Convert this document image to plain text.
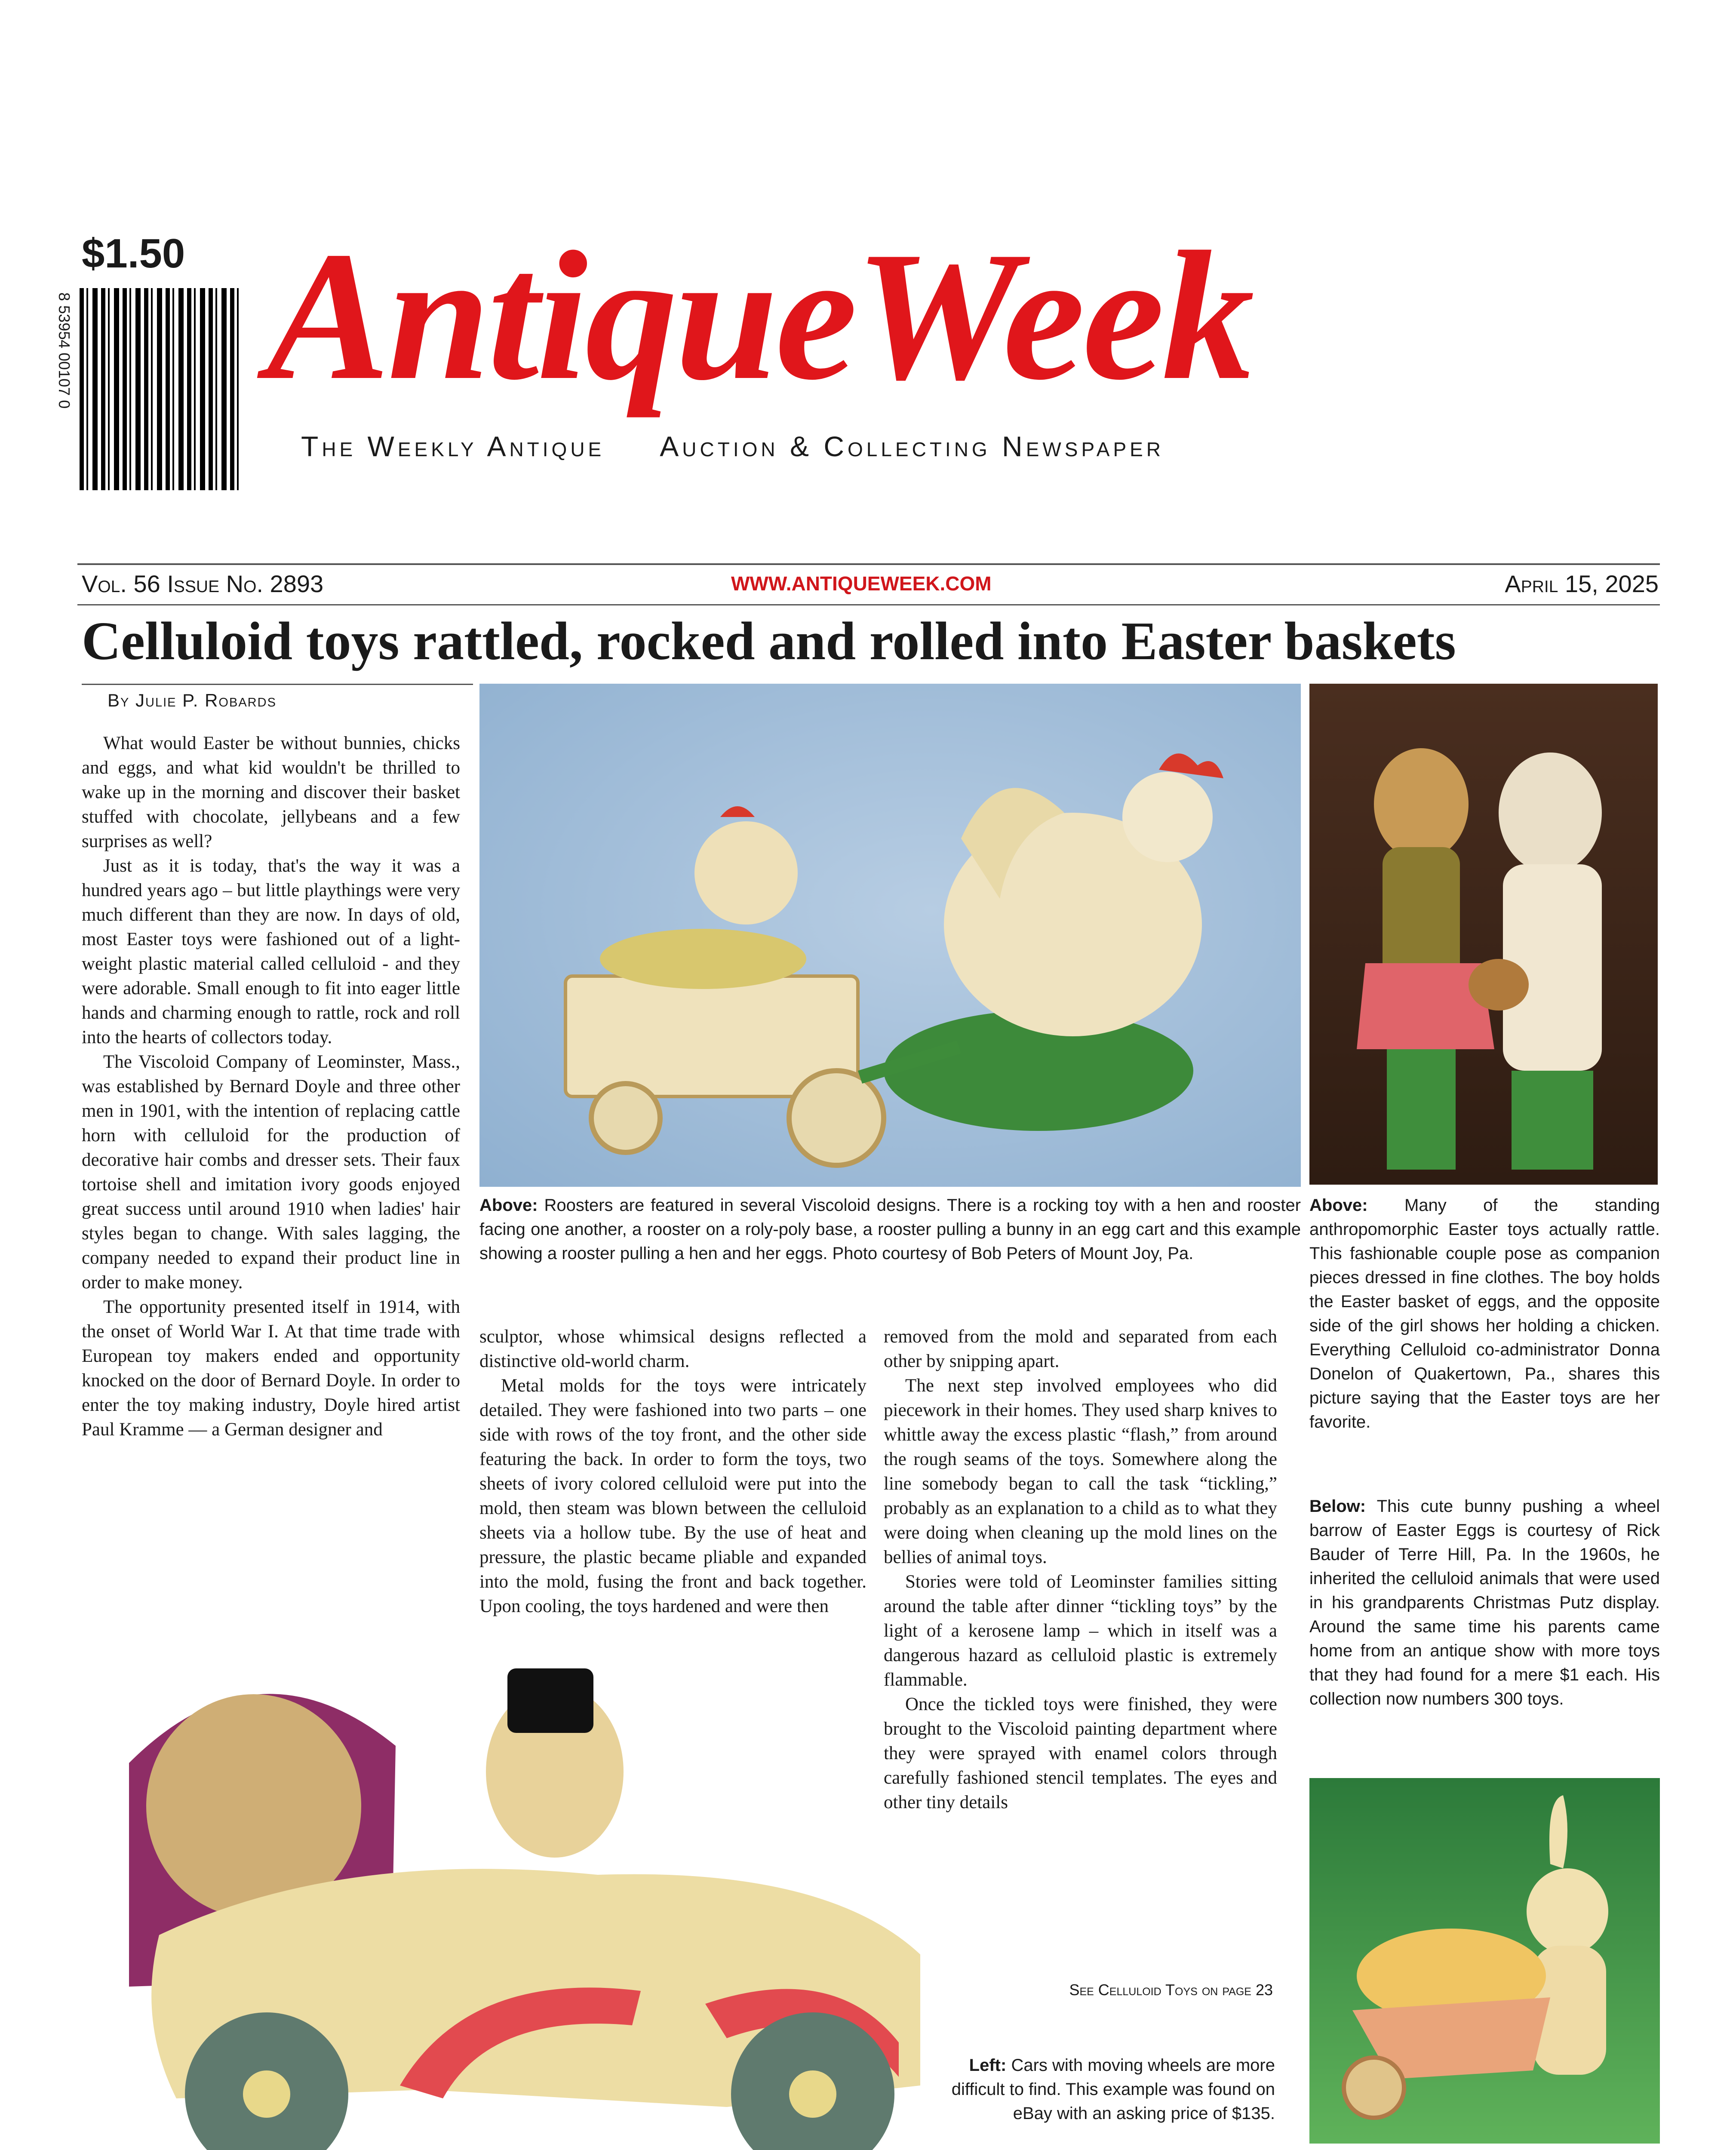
$1.50
8 53954 00107 0 AntiqueWeek
The Weekly Antique     Auction & Collecting Newspaper
Vol. 56 Issue No. 2893	WWW.ANTIQUEWEEK.COM	April 15, 2025
Celluloid toys rattled, rocked and rolled into Easter baskets
By Julie P. Robards

What would Easter be without bunnies, chicks and eggs, and what kid wouldn't be thrilled to wake up in the morning and discover their basket stuffed with chocolate, jellybeans and a few surprises as well?

Just as it is today, that's the way it was a hundred years ago – but little playthings were very much different than they are now. In days of old, most Easter toys were fashioned out of a light-weight plastic material called celluloid - and they were adorable. Small enough to fit into eager little hands and charming enough to rattle, rock and roll into the hearts of collectors today.

The Viscoloid Company of Leominster, Mass., was established by Bernard Doyle and three other men in 1901, with the intention of replacing cattle horn with celluloid for the production of decorative hair combs and dresser sets. Their faux tortoise shell and imitation ivory goods enjoyed great success until around 1910 when ladies' hair styles began to change. With sales lagging, the company needed to expand their product line in order to make money.

The opportunity presented itself in 1914, with the onset of World War I. At that time trade with European toy makers ended and opportunity knocked on the door of Bernard Doyle. In order to enter the toy making industry, Doyle hired artist Paul Kramme — a German designer and

Above: Roosters are featured in several Viscoloid designs. There is a rocking toy with a hen and rooster facing one another, a rooster on a roly-poly base, a rooster pulling a bunny in an egg cart and this example showing a rooster pulling a hen and her eggs. Photo courtesy of Bob Peters of Mount Joy, Pa.
Above: Many of the standing anthropomorphic Easter toys actually rattle. This fashionable couple pose as companion pieces dressed in fine clothes. The boy holds the Easter basket of eggs, and the opposite side of the girl shows her holding a chicken. Everything Celluloid co-administrator Donna Donelon of Quakertown, Pa., shares this picture saying that the Easter toys are her favorite.
Below: This cute bunny pushing a wheel barrow of Easter Eggs is courtesy of Rick Bauder of Terre Hill, Pa. In the 1960s, he inherited the celluloid animals that were used in his grandparents Christmas Putz display. Around the same time his parents came home from an antique show with more toys that they had found for a mere $1 each. His collection now numbers 300 toys.

sculptor, whose whimsical designs reflected a distinctive old-world charm.

Metal molds for the toys were intricately detailed. They were fashioned into two parts – one side with rows of the toy front, and the other side featuring the back. In order to form the toys, two sheets of ivory colored celluloid were put into the mold, then steam was blown between the celluloid sheets via a hollow tube. By the use of heat and pressure, the plastic became pliable and expanded into the mold, fusing the front and back together. Upon cooling, the toys hardened and were then

removed from the mold and separated from each other by snipping apart.

The next step involved employees who did piecework in their homes. They used sharp knives to whittle away the excess plastic “flash,” from around the rough seams of the toys. Somewhere along the line somebody began to call the task “tickling,” probably as an explanation to a child as to what they were doing when cleaning up the mold lines on the bellies of animal toys.

Stories were told of Leominster families sitting around the table after dinner “tickling toys” by the light of a kerosene lamp – which in itself was a dangerous hazard as celluloid plastic is extremely flammable.

Once the tickled toys were finished, they were brought to the Viscoloid painting department where they were sprayed with enamel colors through carefully fashioned stencil templates. The eyes and other tiny details

See Celluloid Toys on page 23
Left: Cars with moving wheels are more difficult to find. This example was found on eBay with an asking price of $135.
